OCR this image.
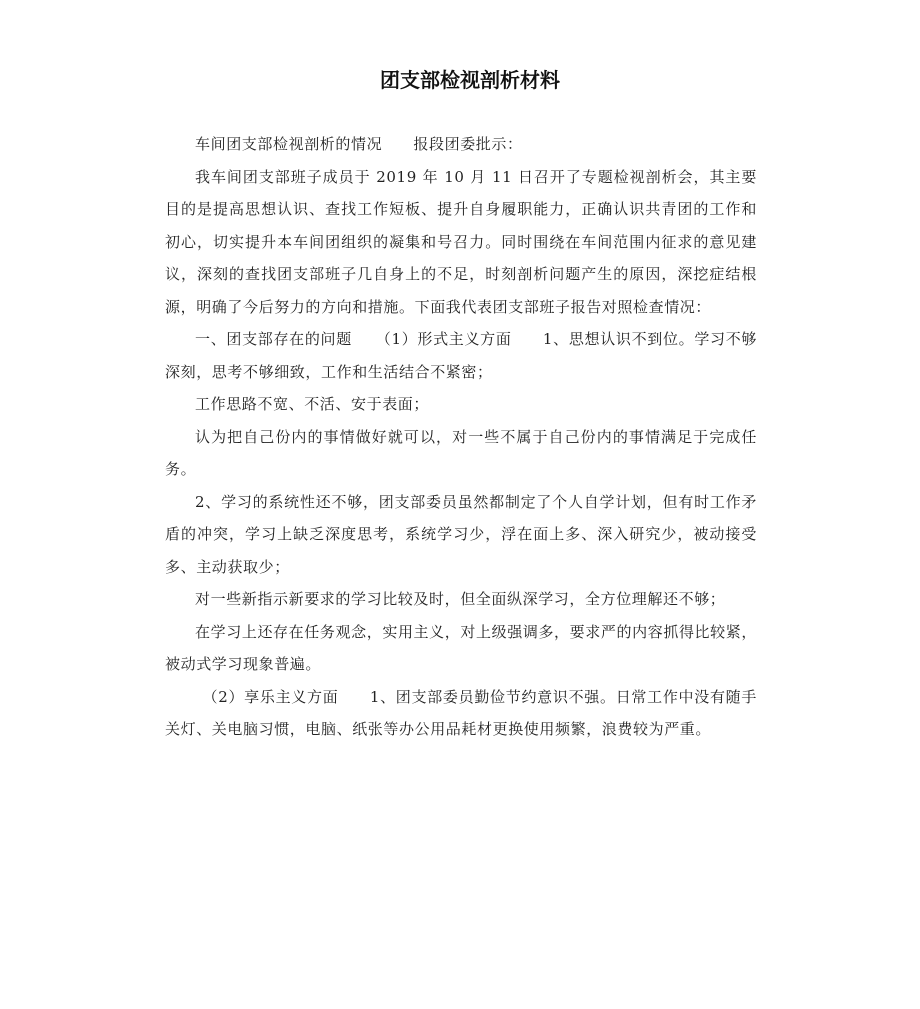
团支部检视剖析材料

车间团支部检视剖析的情况　　报段团委批示：

我车间团支部班子成员于 2019 年 10 月 11 日召开了专题检视剖析会，其主要目的是提高思想认识、查找工作短板、提升自身履职能力，正确认识共青团的工作和初心，切实提升本车间团组织的凝集和号召力。同时围绕在车间范围内征求的意见建议，深刻的查找团支部班子几自身上的不足，时刻剖析问题产生的原因，深挖症结根源，明确了今后努力的方向和措施。下面我代表团支部班子报告对照检查情况：

一、团支部存在的问题　　（1）形式主义方面　　1、思想认识不到位。学习不够深刻，思考不够细致，工作和生活结合不紧密；

工作思路不宽、不活、安于表面；

认为把自己份内的事情做好就可以，对一些不属于自己份内的事情满足于完成任务。

2、学习的系统性还不够，团支部委员虽然都制定了个人自学计划，但有时工作矛盾的冲突，学习上缺乏深度思考，系统学习少，浮在面上多、深入研究少，被动接受多、主动获取少；

对一些新指示新要求的学习比较及时，但全面纵深学习，全方位理解还不够；

在学习上还存在任务观念，实用主义，对上级强调多，要求严的内容抓得比较紧，被动式学习现象普遍。

（2）享乐主义方面　　1、团支部委员勤俭节约意识不强。日常工作中没有随手关灯、关电脑习惯，电脑、纸张等办公用品耗材更换使用频繁，浪费较为严重。
